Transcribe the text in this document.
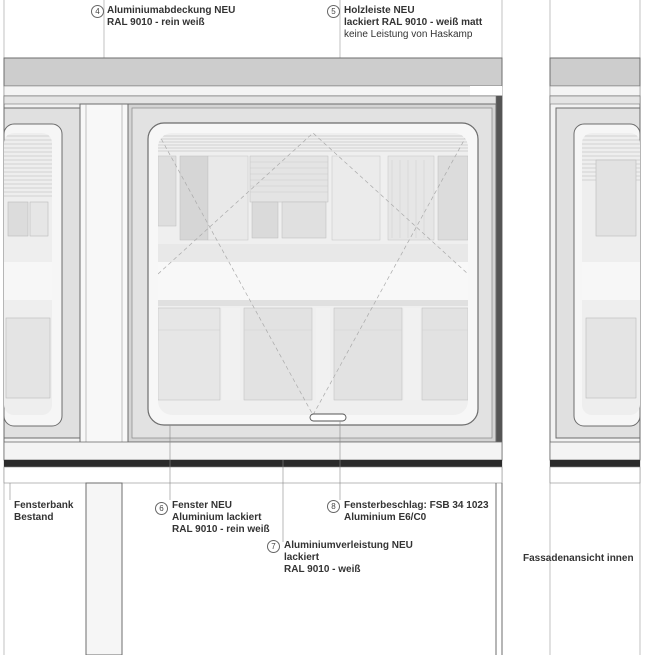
4 Aluminiumabdeckung NEU
RAL 9010 - rein weiß
5 Holzleiste NEU
lackiert RAL 9010 - weiß matt
keine Leistung von Haskamp
Fensterbank
Bestand
6 Fenster NEU
Aluminium lackiert
RAL 9010 - rein weiß
8 Fensterbeschlag: FSB 34 1023
Aluminium E6/C0
7 Aluminiumverleistung NEU
lackiert
RAL 9010 - weiß
Fassadenansicht innen
